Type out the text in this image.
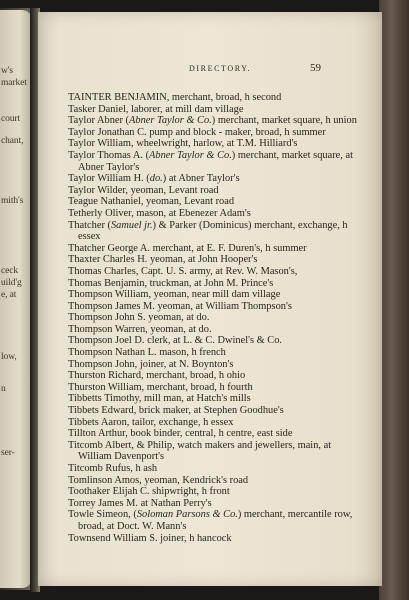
w's
market
court
chant,
mith's
ceck
uild'g
e, at
low,
n
ser-
DIRECTORY.	59
TAINTER BENJAMIN, merchant, broad, h second
Tasker Daniel, laborer, at mill dam village
Taylor Abner (Abner Taylor & Co.) merchant, market square, h union
Taylor Jonathan C. pump and block - maker, broad, h summer
Taylor William, wheelwright, harlow, at T.M. Hilliard's
Taylor Thomas A. (Abner Taylor & Co.) merchant, market square, at Abner Taylor's
Taylor William H. (do.) at Abner Taylor's
Taylor Wilder, yeoman, Levant road
Teague Nathaniel, yeoman, Levant road
Tetherly Oliver, mason, at Ebenezer Adam's
Thatcher (Samuel jr.) & Parker (Dominicus) merchant, exchange, h essex
Thatcher George A. merchant, at E. F. Duren's, h summer
Thaxter Charles H. yeoman, at John Hooper's
Thomas Charles, Capt. U. S. army, at Rev. W. Mason's,
Thomas Benjamin, truckman, at John M. Prince's
Thompson William, yeoman, near mill dam village
Thompson James M. yeoman, at William Thompson's
Thompson John S. yeoman, at do.
Thompson Warren, yeoman, at do.
Thompson Joel D. clerk, at L. & C. Dwinel's & Co.
Thompson Nathan L. mason, h french
Thompson John, joiner, at N. Boynton's
Thurston Richard, merchant, broad, h ohio
Thurston William, merchant, broad, h fourth
Tibbetts Timothy, mill man, at Hatch's mills
Tibbets Edward, brick maker, at Stephen Goodhue's
Tibbets Aaron, tailor, exchange, h essex
Tillton Arthur, book binder, central, h centre, east side
Titcomb Albert, & Philip, watch makers and jewellers, main, at William Davenport's
Titcomb Rufus, h ash
Tomlinson Amos, yeoman, Kendrick's road
Toothaker Elijah C. shipwright, h front
Torrey James M. at Nathan Perry's
Towle Simeon, (Soloman Parsons & Co.) merchant, mercantile row, broad, at Doct. W. Mann's
Townsend William S. joiner, h hancock
